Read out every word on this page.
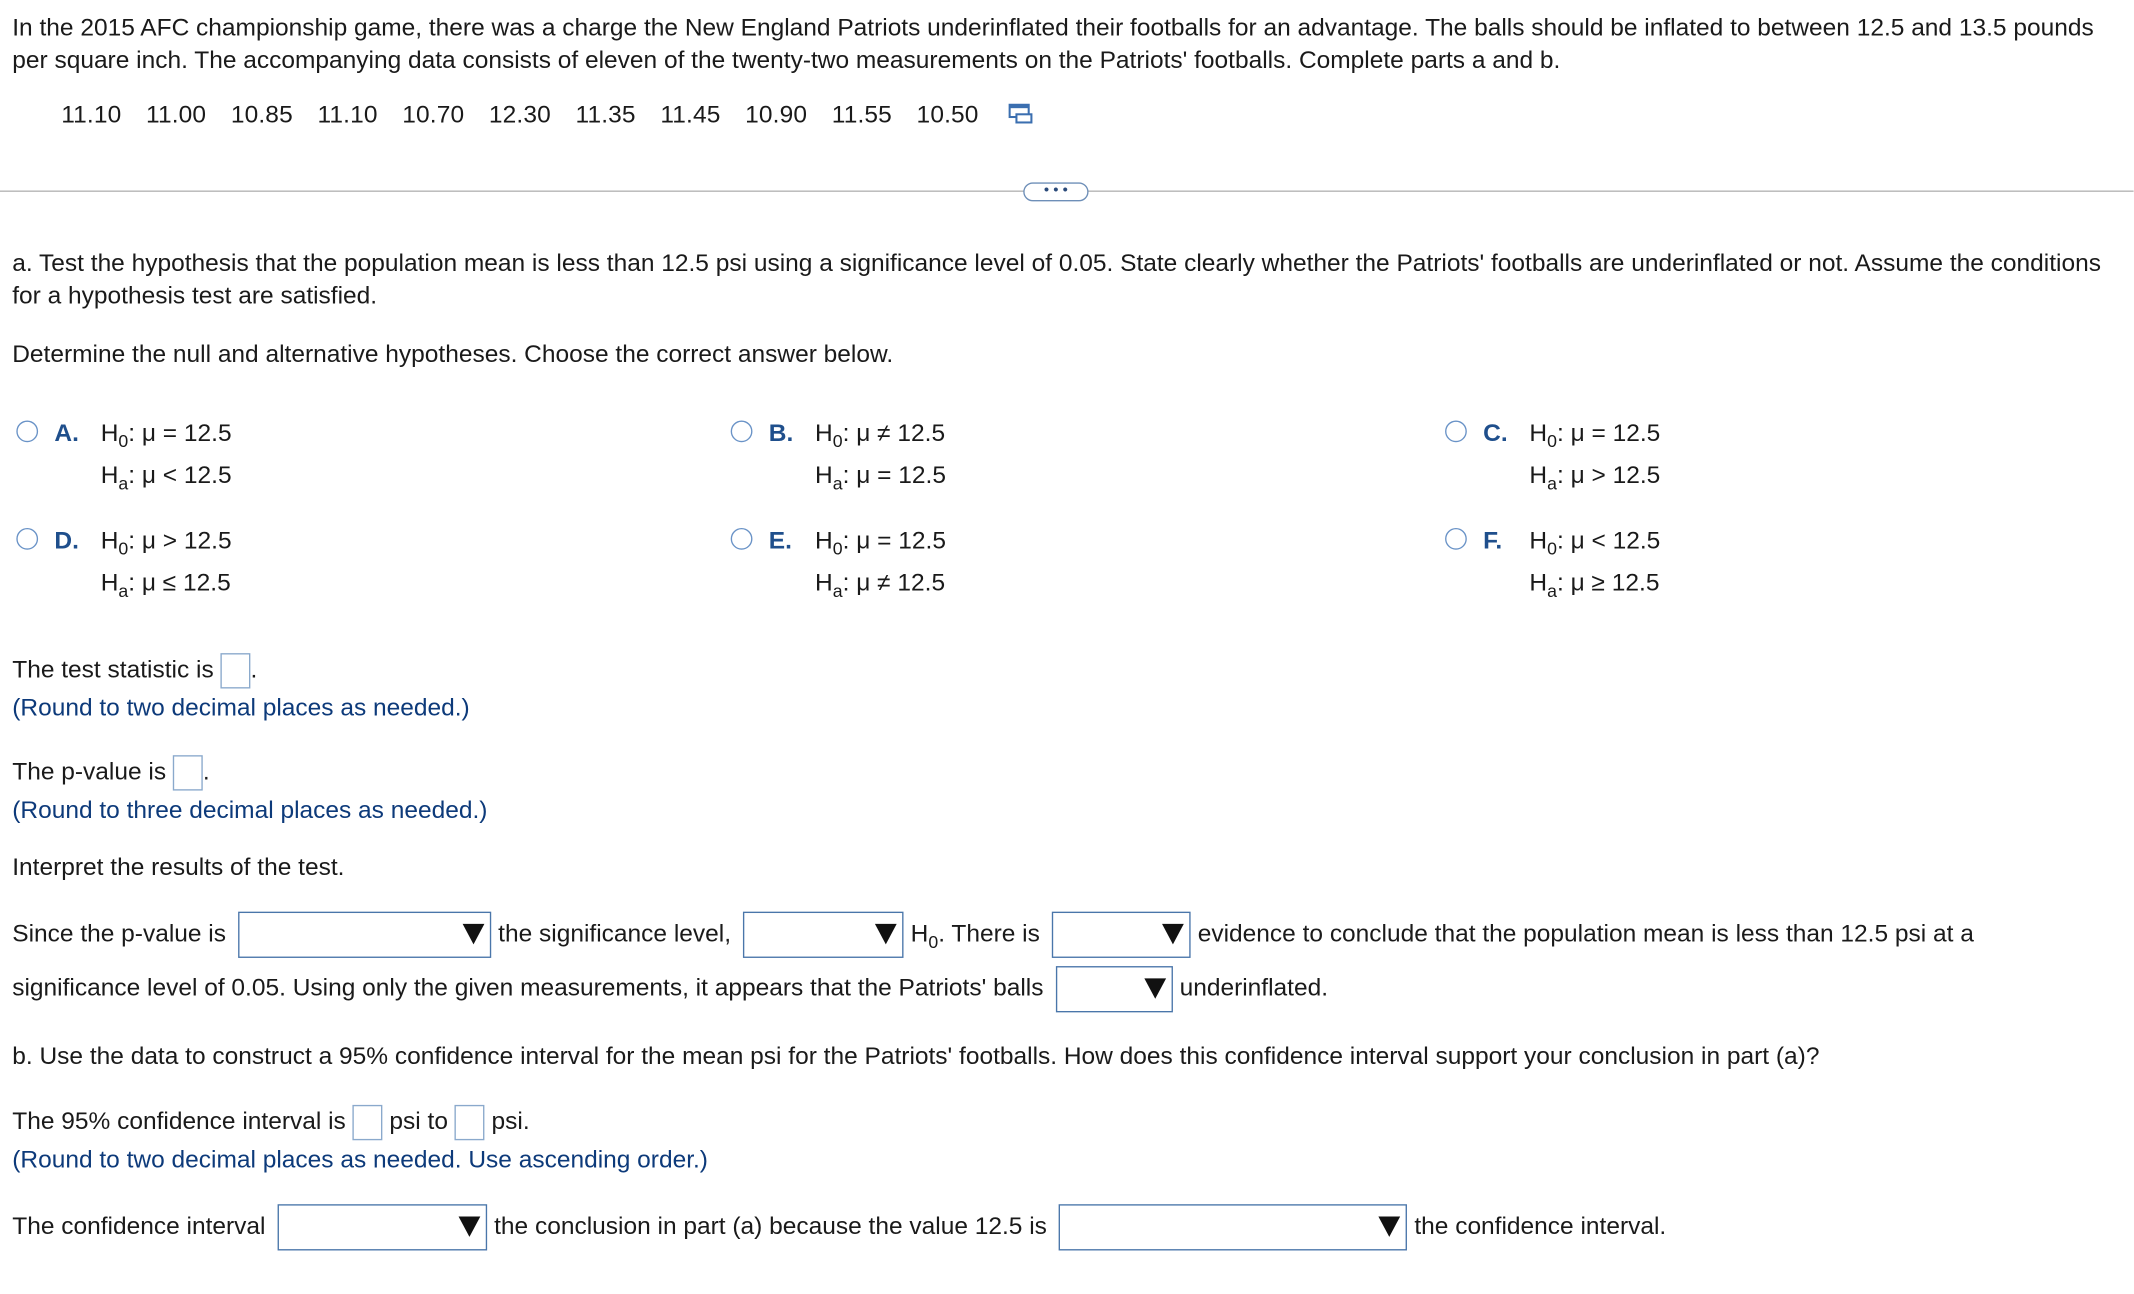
In the 2015 AFC championship game, there was a charge the New England Patriots underinflated their footballs for an advantage. The balls should be inflated to between 12.5 and 13.5 pounds per square inch. The accompanying data consists of eleven of the twenty-two measurements on the Patriots' footballs. Complete parts a and b.
11.10 11.00 10.85 11.10 10.70 12.30 11.35 11.45 10.90 11.55 10.50
• • •
a. Test the hypothesis that the population mean is less than 12.5 psi using a significance level of 0.05. State clearly whether the Patriots' footballs are underinflated or not. Assume the conditions for a hypothesis test are satisfied.
Determine the null and alternative hypotheses. Choose the correct answer below.
A. $H_0$: μ = 12.5
$H_a$: μ < 12.5
B. $H_0$: μ ≠ 12.5
$H_a$: μ = 12.5
C. $H_0$: μ = 12.5
$H_a$: μ > 12.5
D. $H_0$: μ > 12.5
$H_a$: μ ≤ 12.5
E. $H_0$: μ = 12.5
$H_a$: μ ≠ 12.5
F. $H_0$: μ < 12.5
$H_a$: μ ≥ 12.5
The test statistic is .
(Round to two decimal places as needed.)
The p-value is .
(Round to three decimal places as needed.)
Interpret the results of the test.
Since the p-value is	the significance level,	$H_0$. There is	evidence to conclude that the population mean is less than 12.5 psi at a
significance level of 0.05. Using only the given measurements, it appears that the Patriots' balls	underinflated.
b. Use the data to construct a 95% confidence interval for the mean psi for the Patriots' footballs. How does this confidence interval support your conclusion in part (a)?
The 95% confidence interval is psi to psi.
(Round to two decimal places as needed. Use ascending order.)
The confidence interval	the conclusion in part (a) because the value 12.5 is	the confidence interval.
